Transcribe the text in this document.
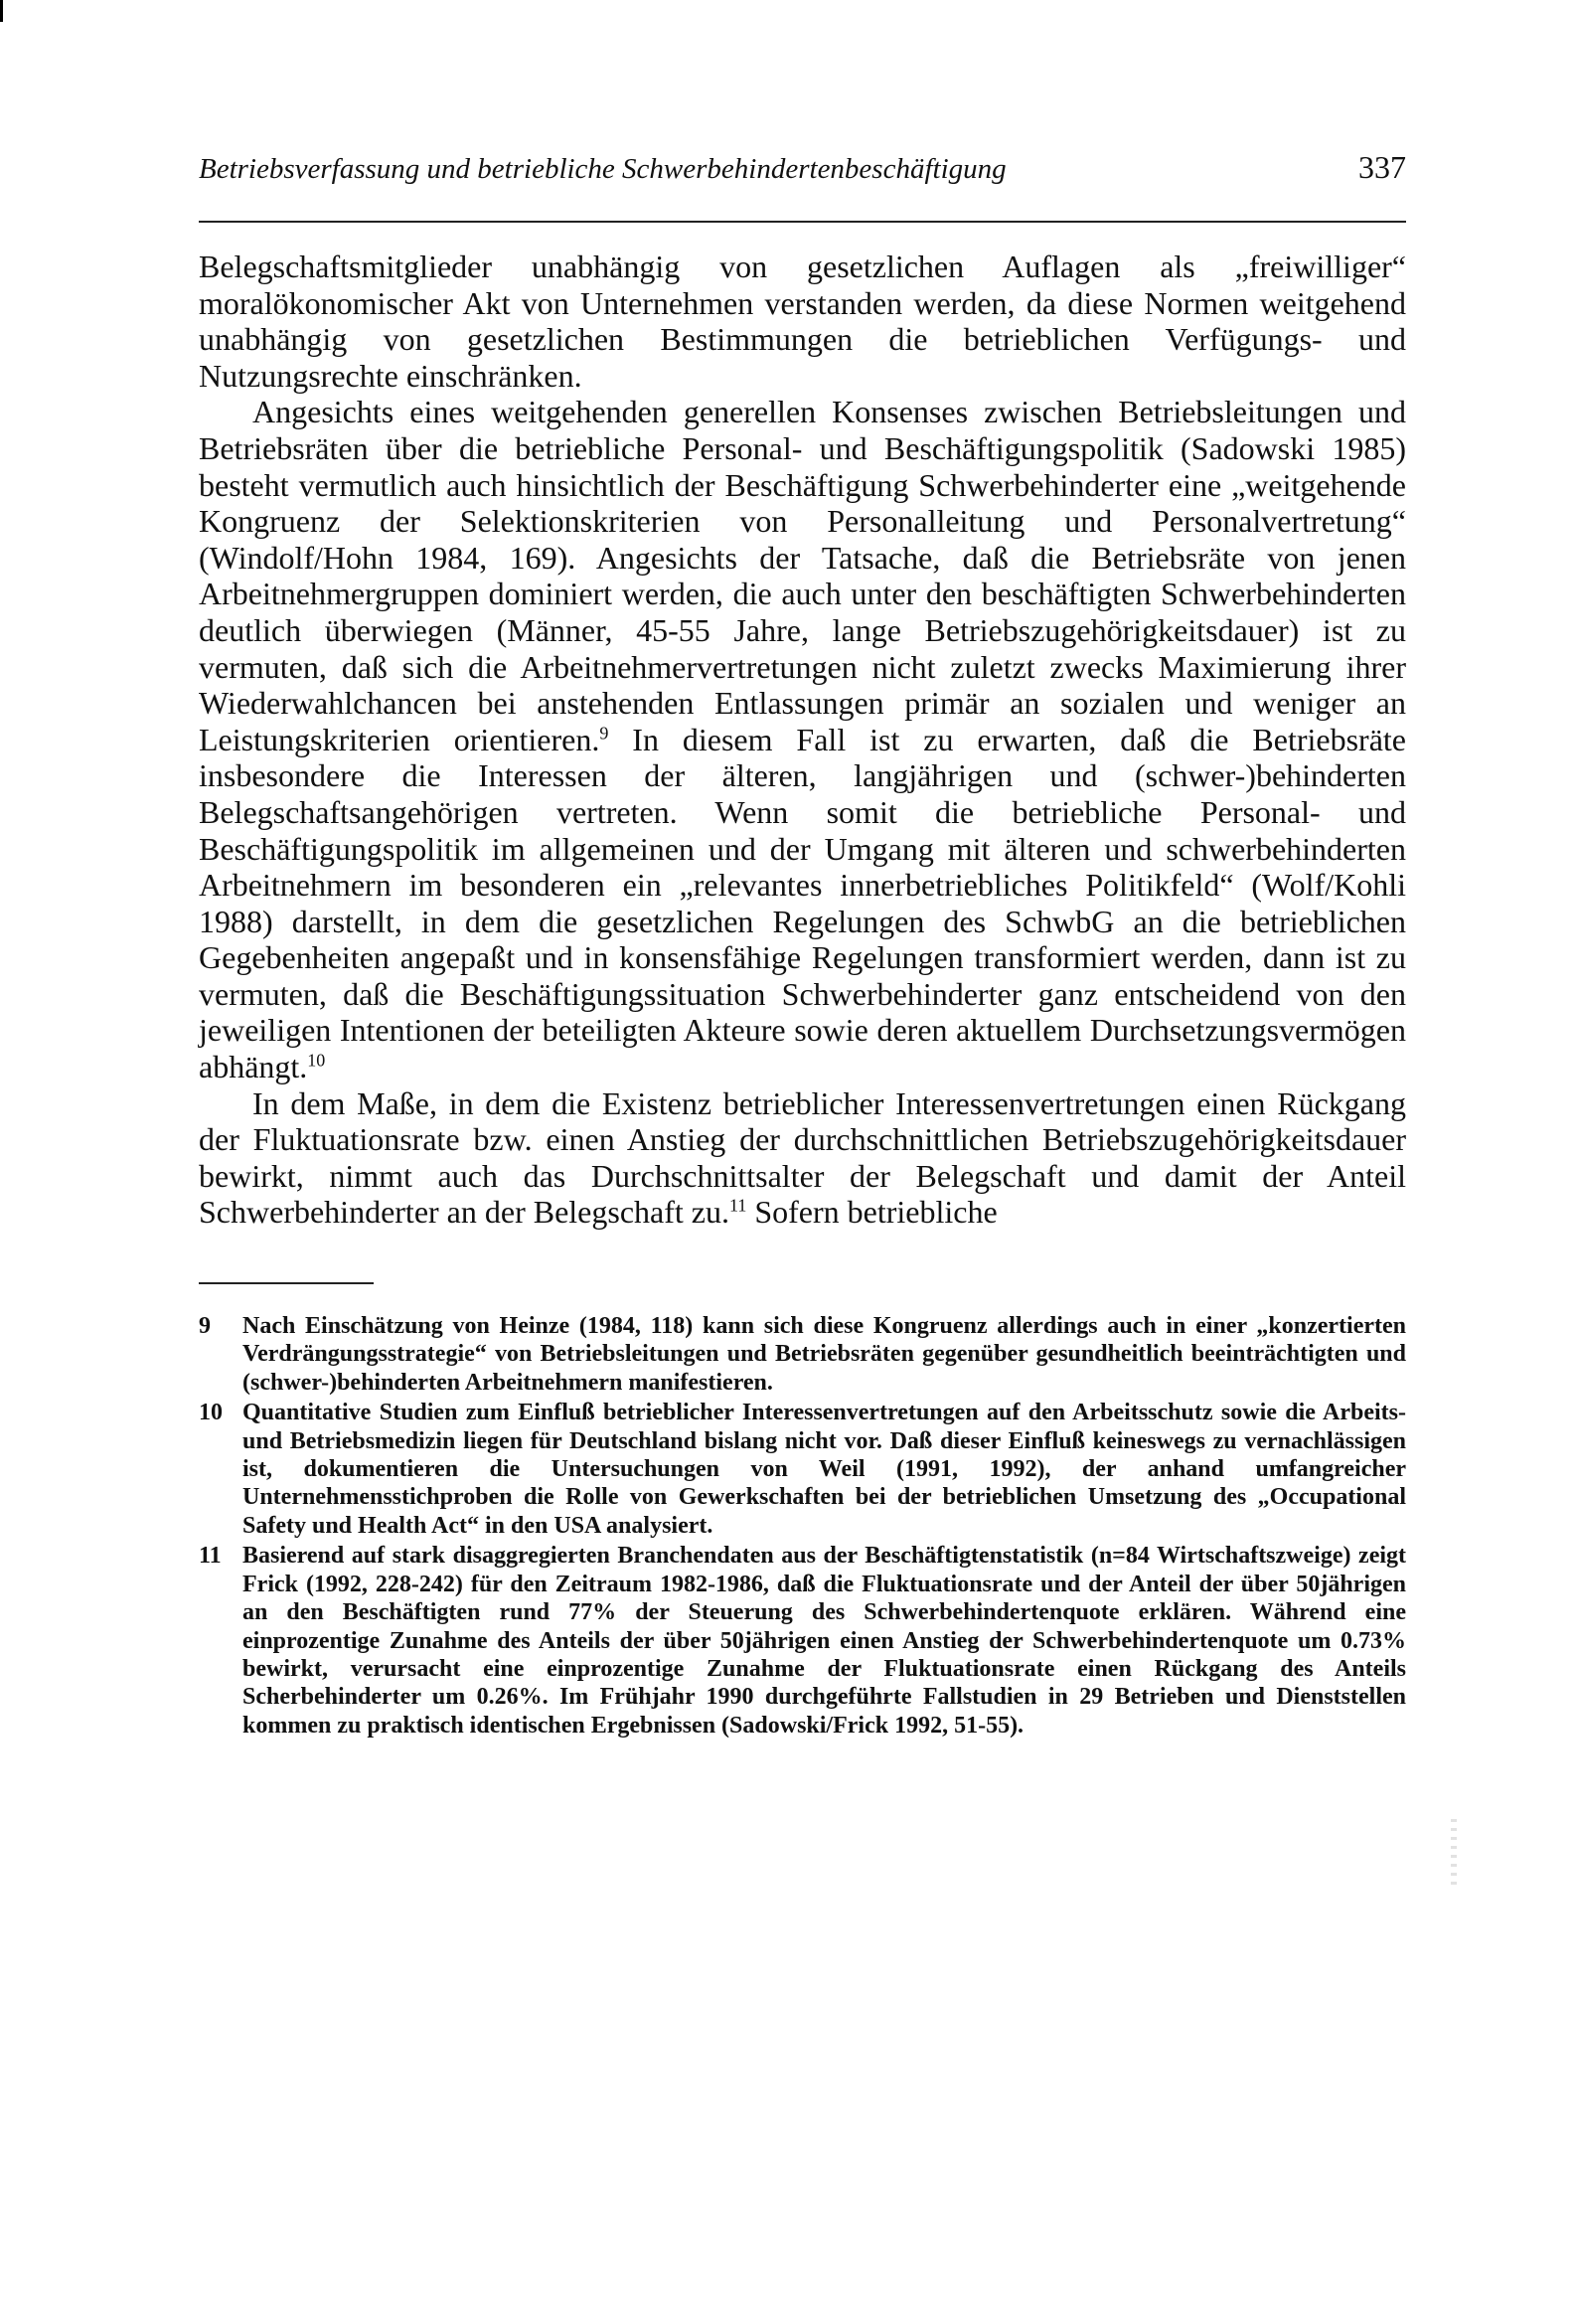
Betriebsverfassung und betriebliche Schwerbehindertenbeschäftigung	337

Belegschaftsmitglieder unabhängig von gesetzlichen Auflagen als „freiwilliger“ moralökonomischer Akt von Unternehmen verstanden werden, da diese Normen weitgehend unabhängig von gesetzlichen Bestimmungen die betrieblichen Verfügungs- und Nutzungsrechte einschränken.

Angesichts eines weitgehenden generellen Konsenses zwischen Betriebsleitungen und Betriebsräten über die betriebliche Personal- und Beschäftigungspolitik (Sadowski 1985) besteht vermutlich auch hinsichtlich der Beschäftigung Schwerbehinderter eine „weitgehende Kongruenz der Selektionskriterien von Personalleitung und Personalvertretung“ (Windolf/Hohn 1984, 169). Angesichts der Tatsache, daß die Betriebsräte von jenen Arbeitnehmergruppen dominiert werden, die auch unter den beschäftigten Schwerbehinderten deutlich überwiegen (Männer, 45-55 Jahre, lange Betriebszugehörigkeitsdauer) ist zu vermuten, daß sich die Arbeitnehmervertretungen nicht zuletzt zwecks Maximierung ihrer Wiederwahlchancen bei anstehenden Entlassungen primär an sozialen und weniger an Leistungskriterien orientieren.$^9$ In diesem Fall ist zu erwarten, daß die Betriebsräte insbesondere die Interessen der älteren, langjährigen und (schwer-)behinderten Belegschaftsangehörigen vertreten. Wenn somit die betriebliche Personal- und Beschäftigungspolitik im allgemeinen und der Umgang mit älteren und schwerbehinderten Arbeitnehmern im besonderen ein „relevantes innerbetriebliches Politikfeld“ (Wolf/Kohli 1988) darstellt, in dem die gesetzlichen Regelungen des SchwbG an die betrieblichen Gegebenheiten angepaßt und in konsensfähige Regelungen transformiert werden, dann ist zu vermuten, daß die Beschäftigungssituation Schwerbehinderter ganz entscheidend von den jeweiligen Intentionen der beteiligten Akteure sowie deren aktuellem Durchsetzungsvermögen abhängt.$^{10}$

In dem Maße, in dem die Existenz betrieblicher Interessenvertretungen einen Rückgang der Fluktuationsrate bzw. einen Anstieg der durchschnittlichen Betriebszugehörigkeitsdauer bewirkt, nimmt auch das Durchschnittsalter der Belegschaft und damit der Anteil Schwerbehinderter an der Belegschaft zu.$^{11}$ Sofern betriebliche

9	Nach Einschätzung von Heinze (1984, 118) kann sich diese Kongruenz allerdings auch in einer „konzertierten Verdrängungsstrategie“ von Betriebsleitungen und Betriebsräten gegenüber gesundheitlich beeinträchtigten und (schwer-)behinderten Arbeitnehmern manifestieren.
10 Quantitative Studien zum Einfluß betrieblicher Interessenvertretungen auf den Arbeitsschutz sowie die Arbeits- und Betriebsmedizin liegen für Deutschland bislang nicht vor. Daß dieser Einfluß keineswegs zu vernachlässigen ist, dokumentieren die Untersuchungen von Weil (1991, 1992), der anhand umfangreicher Unternehmensstichproben die Rolle von Gewerkschaften bei der betrieblichen Umsetzung des „Occupational Safety und Health Act“ in den USA analysiert.
11 Basierend auf stark disaggregierten Branchendaten aus der Beschäftigtenstatistik (n=84 Wirtschaftszweige) zeigt Frick (1992, 228-242) für den Zeitraum 1982-1986, daß die Fluktuationsrate und der Anteil der über 50jährigen an den Beschäftigten rund 77% der Steuerung des Schwerbehindertenquote erklären. Während eine einprozentige Zunahme des Anteils der über 50jährigen einen Anstieg der Schwerbehindertenquote um 0.73% bewirkt, verursacht eine einprozentige Zunahme der Fluktuationsrate einen Rückgang des Anteils Scherbehinderter um 0.26%. Im Frühjahr 1990 durchgeführte Fallstudien in 29 Betrieben und Dienststellen kommen zu praktisch identischen Ergebnissen (Sadowski/Frick 1992, 51-55).
